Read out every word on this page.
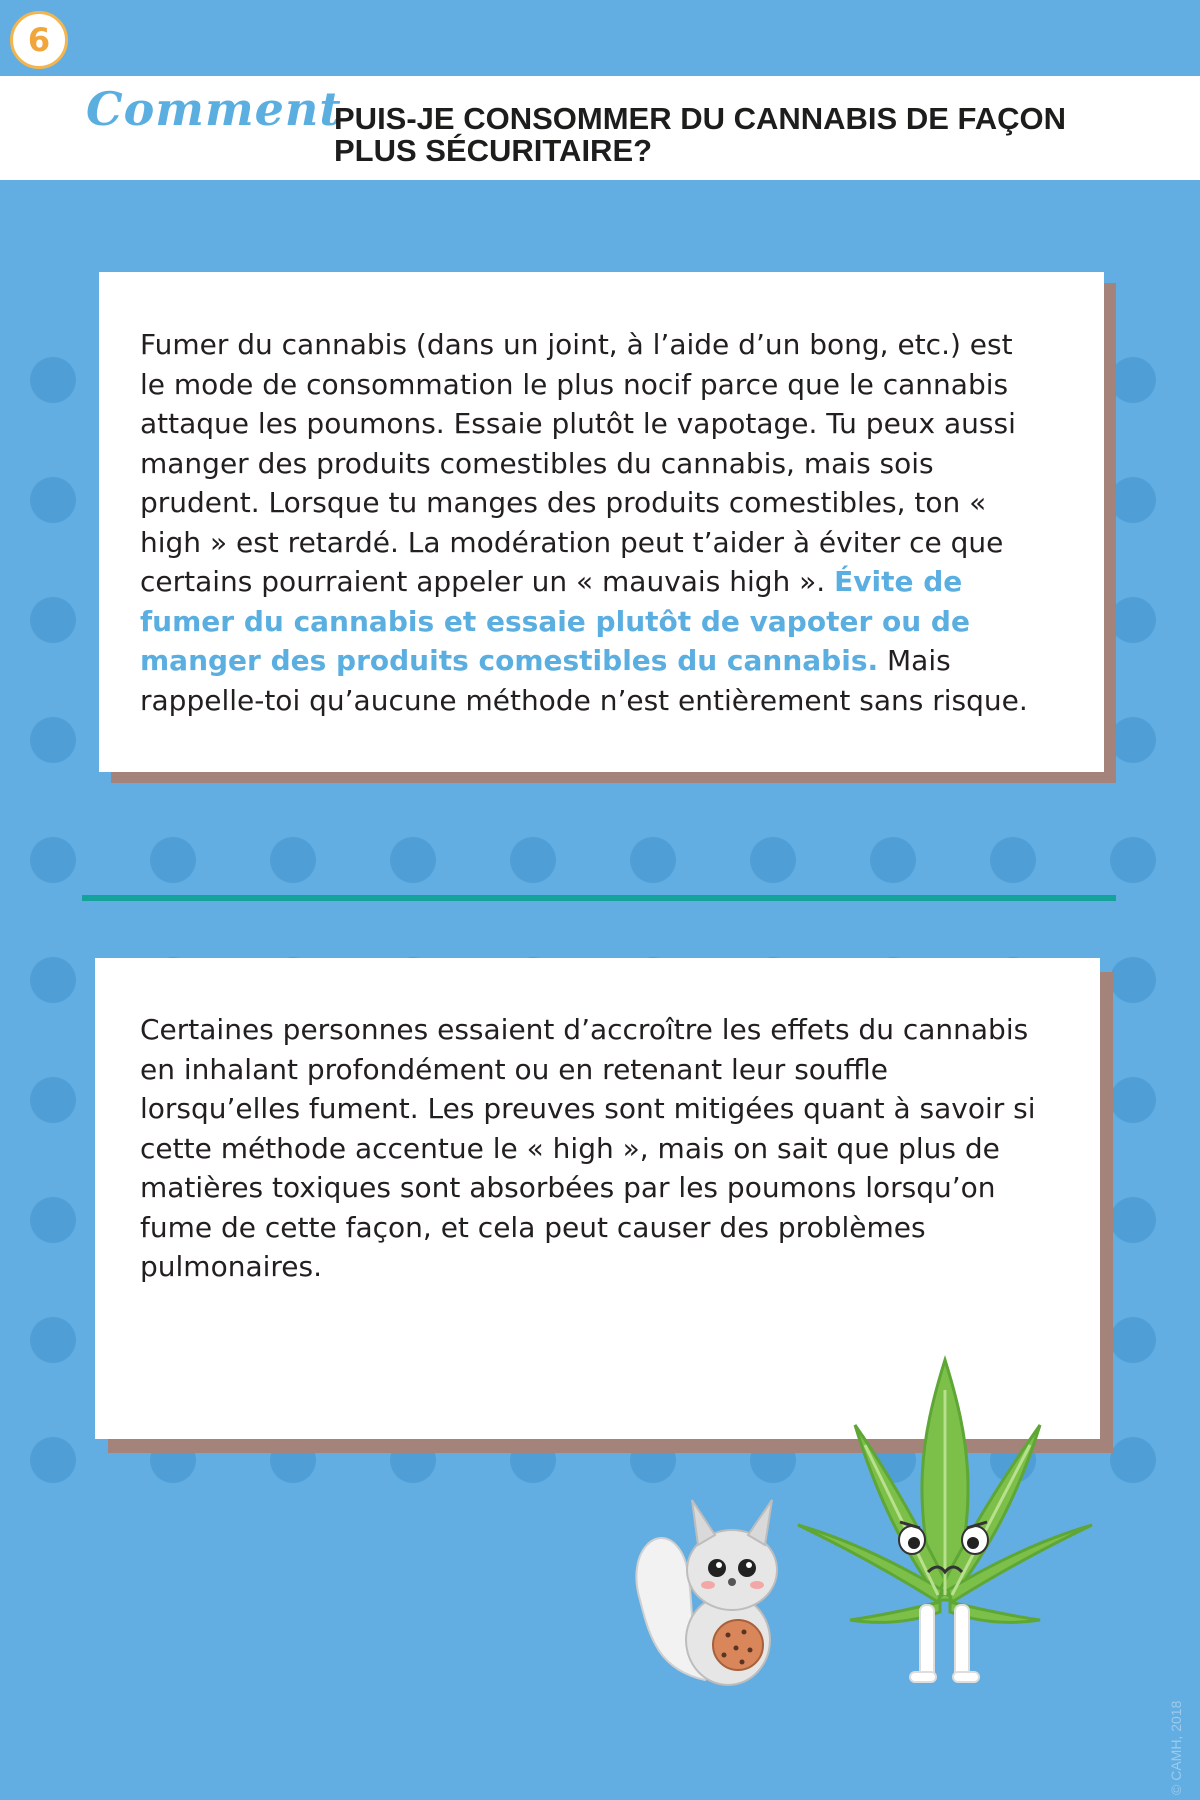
6
Comment
PUIS-JE CONSOMMER DU CANNABIS DE FAÇON
PLUS SÉCURITAIRE?
Fumer du cannabis (dans un joint, à l’aide d’un bong, etc.) est le mode de consommation le plus nocif parce que le cannabis attaque les poumons. Essaie plutôt le vapotage. Tu peux aussi manger des produits comestibles du cannabis, mais sois prudent. Lorsque tu manges des produits comestibles, ton « high » est retardé. La modération peut t’aider à éviter ce que certains pourraient appeler un « mauvais high ». Évite de fumer du cannabis et essaie plutôt de vapoter ou de manger des produits comestibles du cannabis. Mais rappelle-toi qu’aucune méthode n’est entièrement sans risque.
Certaines personnes essaient d’accroître les effets du cannabis en inhalant profondément ou en retenant leur souffle lorsqu’elles fument. Les preuves sont mitigées quant à savoir si cette méthode accentue le « high », mais on sait que plus de matières toxiques sont absorbées par les poumons lorsqu’on fume de cette façon, et cela peut causer des problèmes pulmonaires.
© CAMH, 2018
